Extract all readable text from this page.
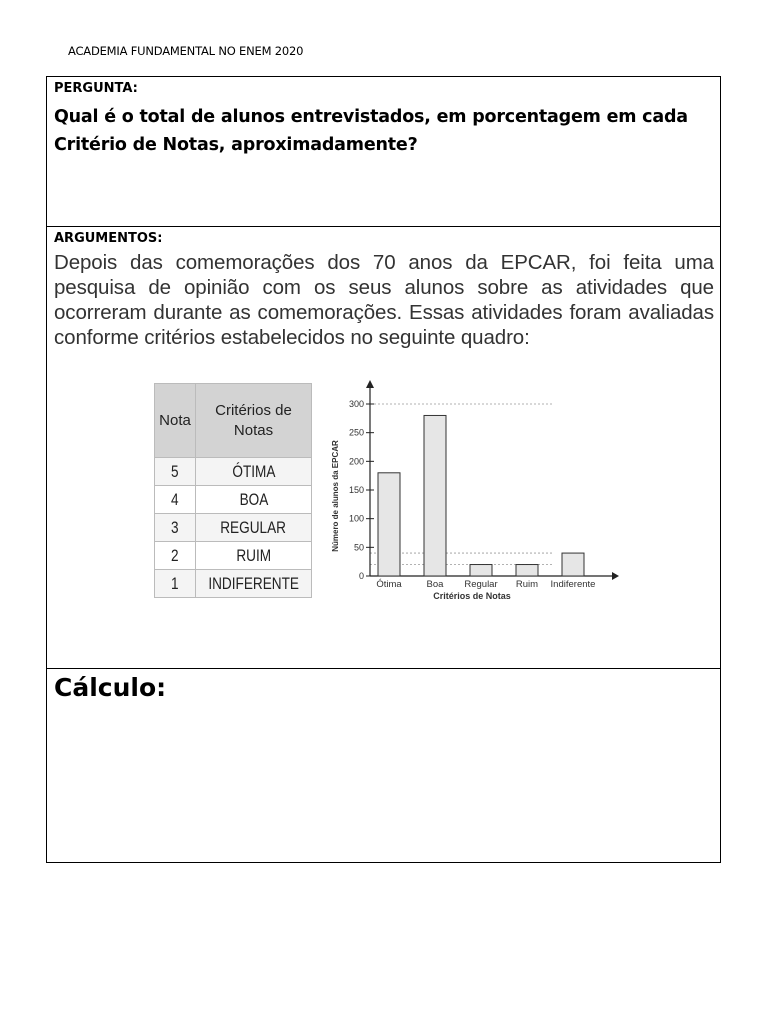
ACADEMIA FUNDAMENTAL NO ENEM 2020
PERGUNTA:
Qual é o total de alunos entrevistados, em porcentagem em cada Critério de Notas, aproximadamente?
ARGUMENTOS:
Depois das comemorações dos 70 anos da EPCAR, foi feita uma pesquisa de opinião com os seus alunos sobre as atividades que ocorreram durante as comemorações. Essas atividades foram avaliadas conforme critérios estabelecidos no seguinte quadro:
Nota	Critérios de Notas
5	ÓTIMA
4	BOA
3	REGULAR
2	RUIM
1	INDIFERENTE	0
50
100
150
200
250
300
Ótima	Boa Regular Ruim Indiferente
Critérios de Notas
Número de alunos da EPCAR
Cálculo:
